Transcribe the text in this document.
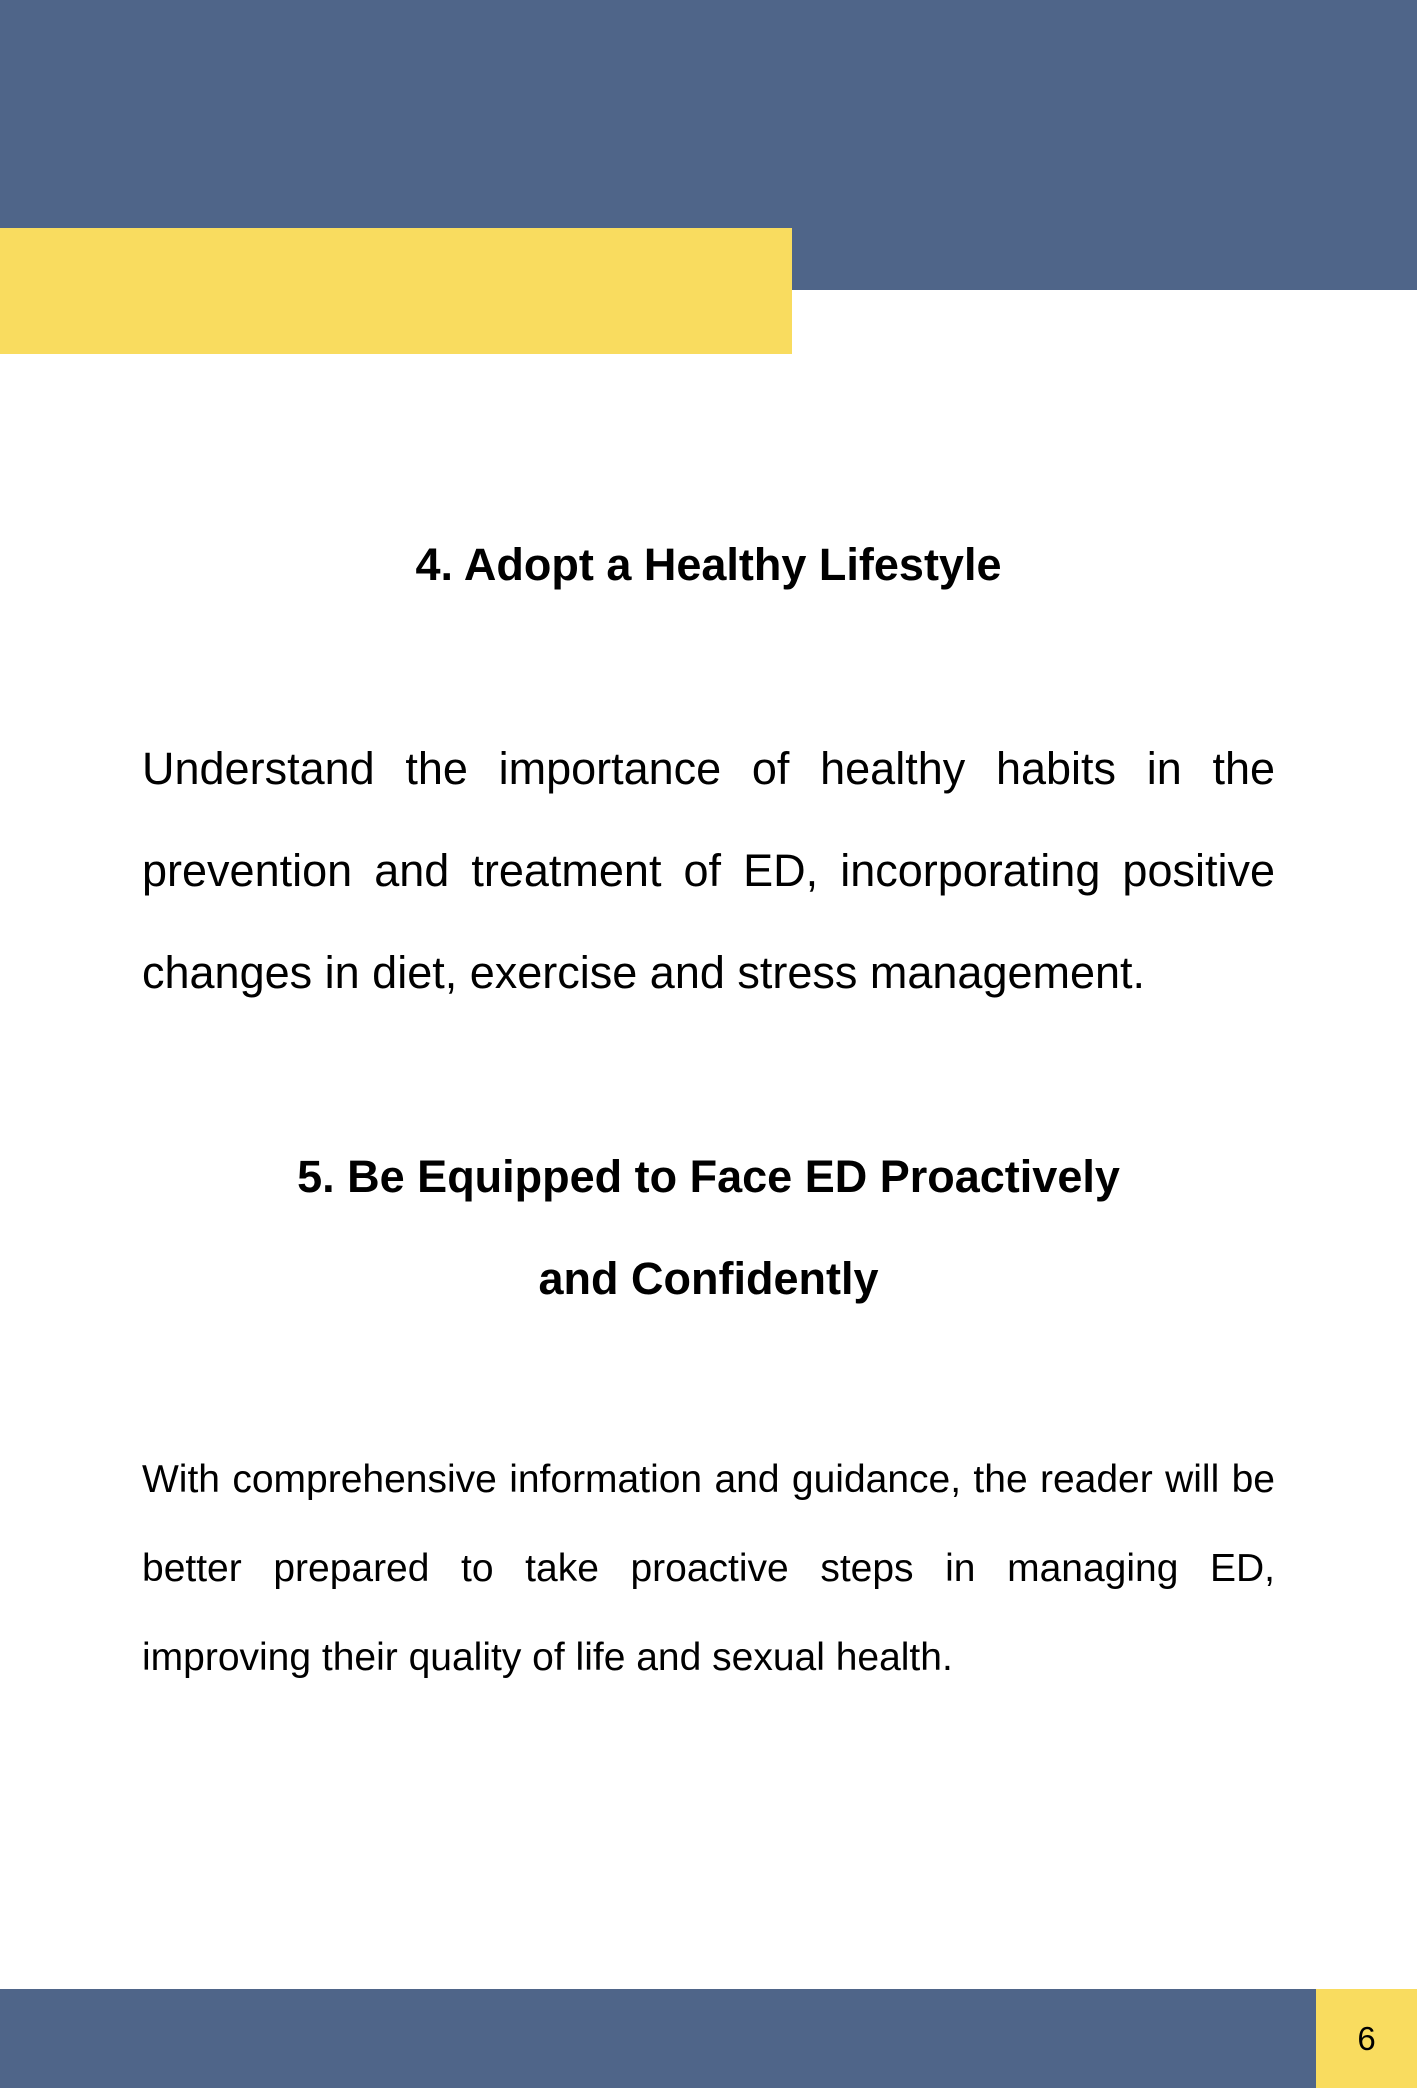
4. Adopt a Healthy Lifestyle

Understand the importance of healthy habits in the prevention and treatment of ED, incorporating positive changes in diet, exercise and stress management.

5. Be Equipped to Face ED Proactively
and Confidently

With comprehensive information and guidance, the reader will be better prepared to take proactive steps in managing ED, improving their quality of life and sexual health.

6
